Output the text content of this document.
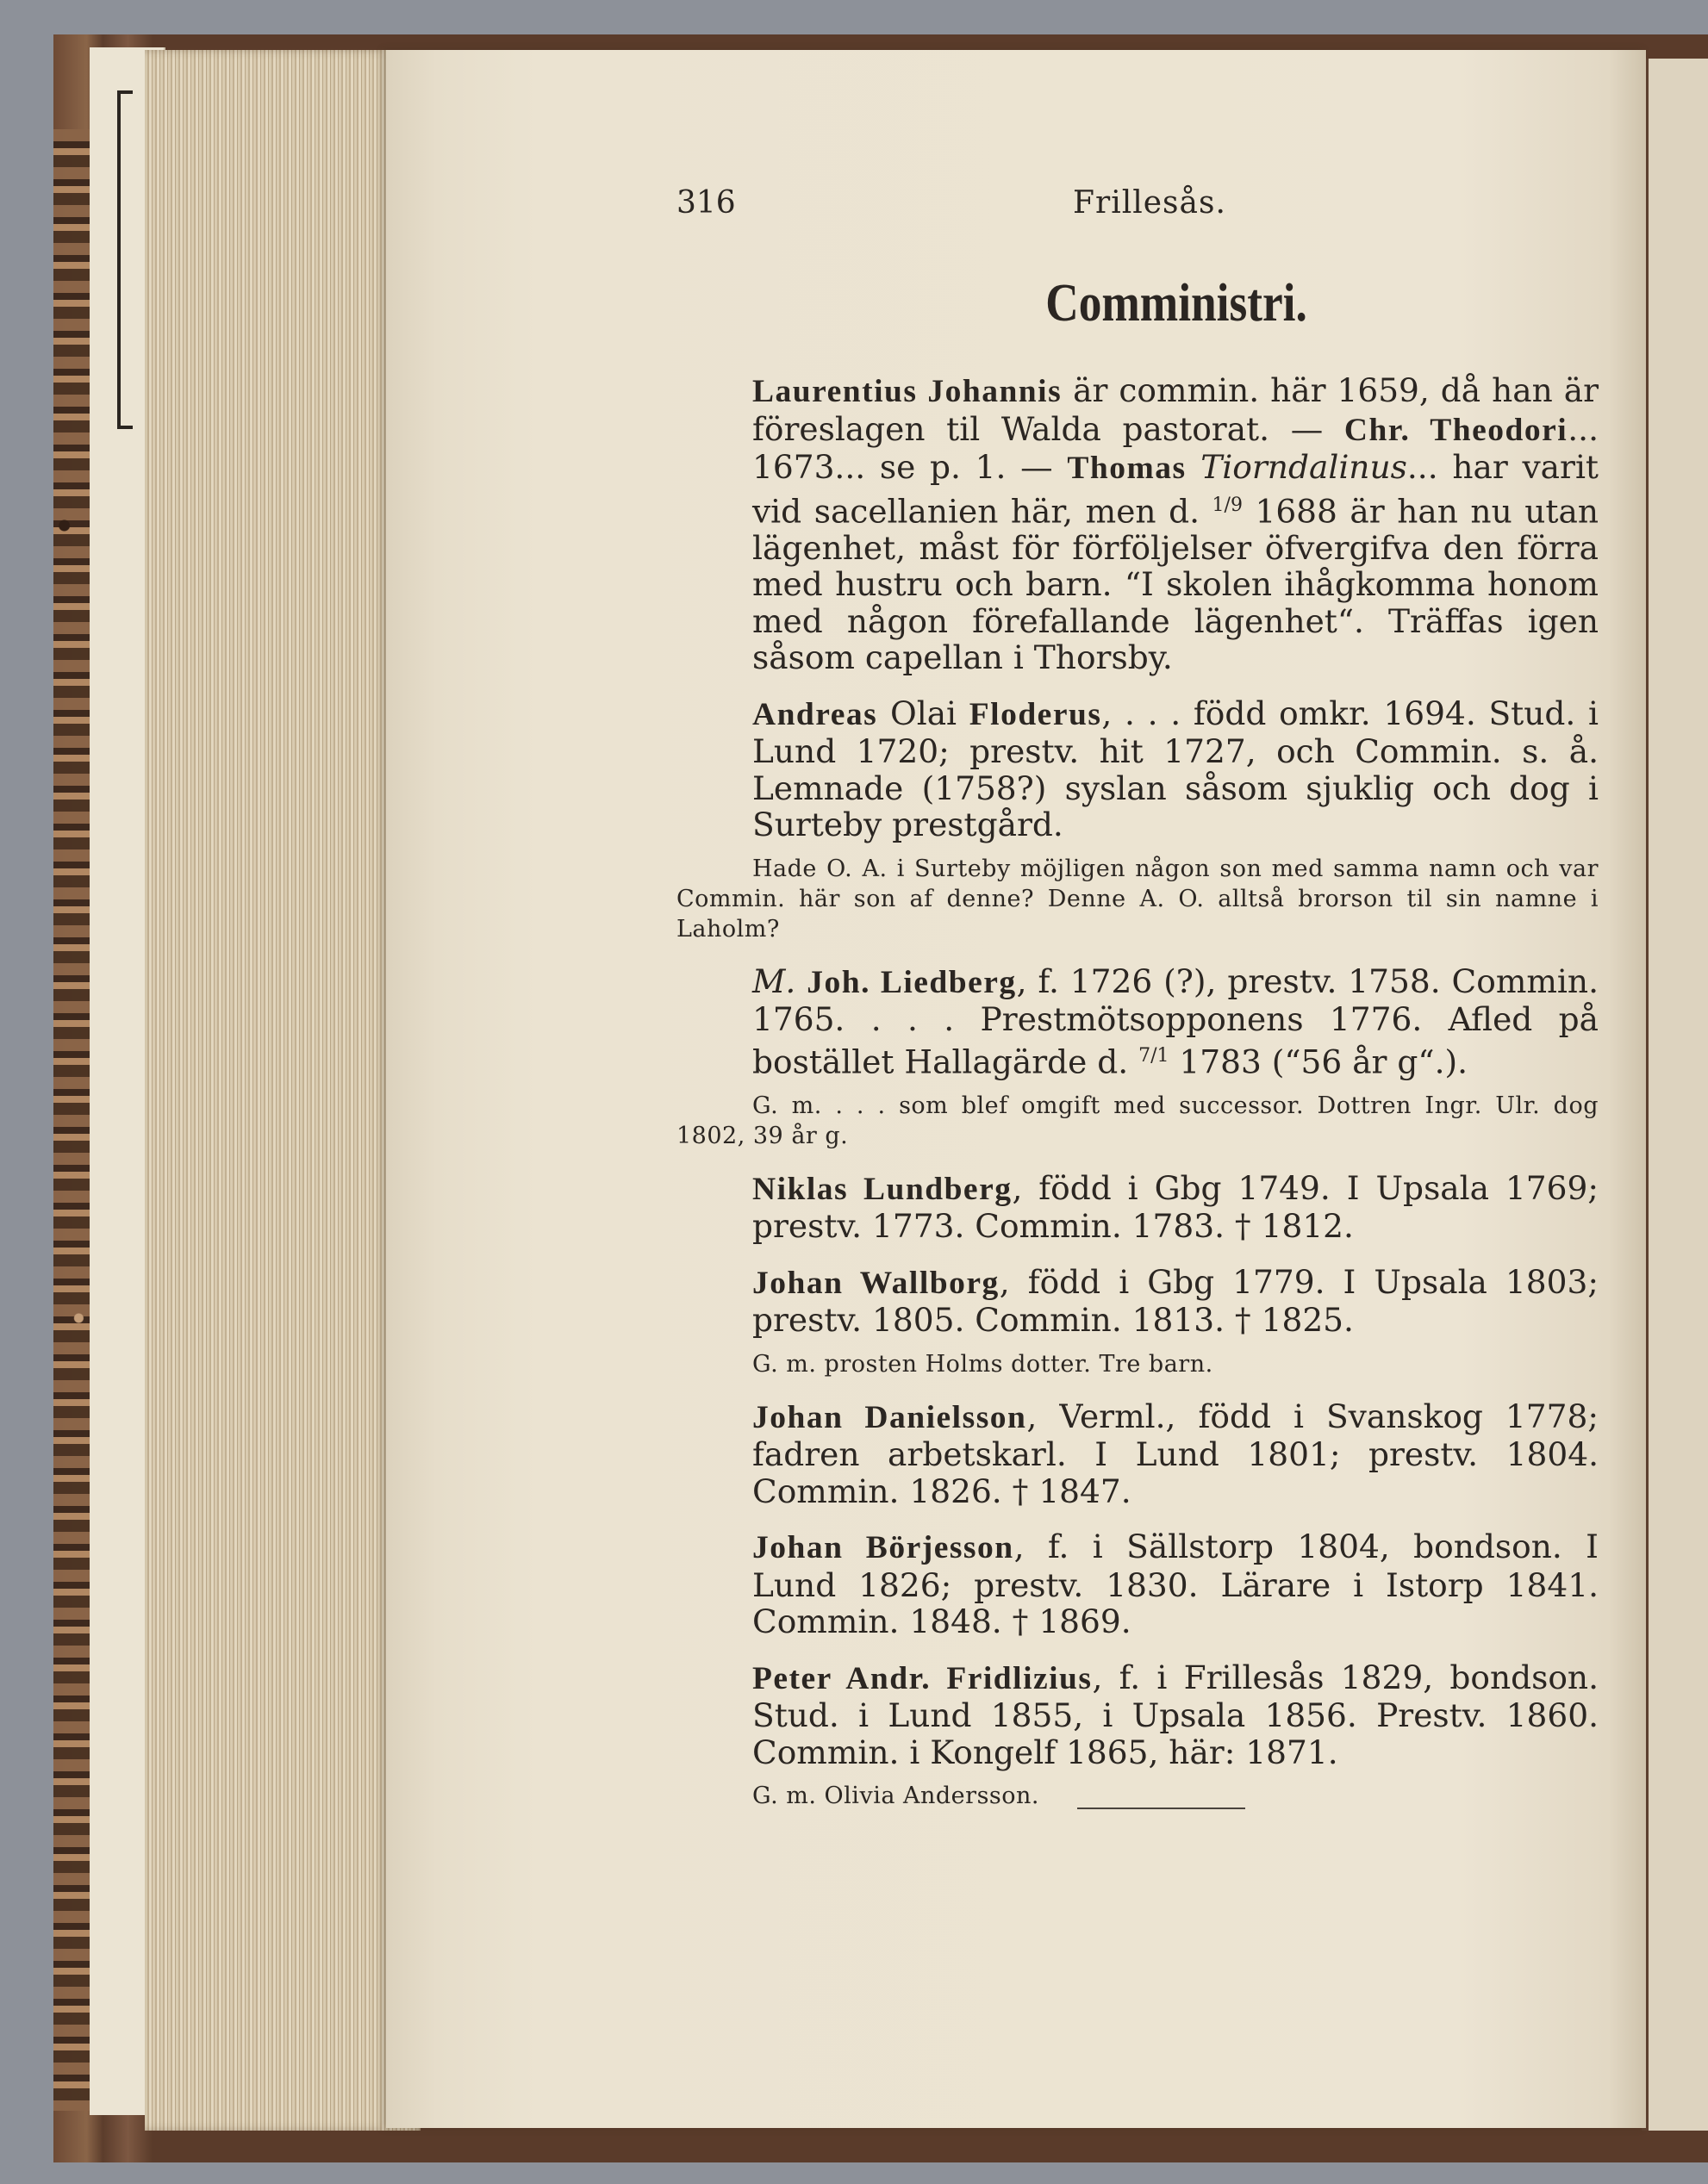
316	Frillesås.
Comministri.

Laurentius Johannis är commin. här 1659, då han är föreslagen til Walda pastorat. — Chr. Theodori... 1673... se p. 1. — Thomas Tiorndalinus... har varit vid sacellanien här, men d. $^{1/9}$ 1688 är han nu utan lägenhet, måst för förföljelser öfvergifva den förra med hustru och barn. “I skolen ihågkomma honom med någon förefallande lägenhet“. Träffas igen såsom capellan i Thorsby.

Andreas Olai Floderus, . . . född omkr. 1694. Stud. i Lund 1720; prestv. hit 1727, och Commin. s. å. Lemnade (1758?) syslan såsom sjuklig och dog i Surteby prestgård.

Hade O. A. i Surteby möjligen någon son med samma namn och var Commin. här son af denne? Denne A. O. alltså brorson til sin namne i Laholm?

M. Joh. Liedberg, f. 1726 (?), prestv. 1758. Commin. 1765. . . . Prestmötsopponens 1776. Afled på bostället Hallagärde d. $^{7/1}$ 1783 (“56 år g“.).

G. m. . . . som blef omgift med successor. Dottren Ingr. Ulr. dog 1802, 39 år g.

Niklas Lundberg, född i Gbg 1749. I Upsala 1769; prestv. 1773. Commin. 1783. † 1812.

Johan Wallborg, född i Gbg 1779. I Upsala 1803; prestv. 1805. Commin. 1813. † 1825.

G. m. prosten Holms dotter. Tre barn.

Johan Danielsson, Verml., född i Svanskog 1778; fadren arbetskarl. I Lund 1801; prestv. 1804. Commin. 1826. † 1847.

Johan Börjesson, f. i Sällstorp 1804, bondson. I Lund 1826; prestv. 1830. Lärare i Istorp 1841. Commin. 1848. † 1869.

Peter Andr. Fridlizius, f. i Frillesås 1829, bondson. Stud. i Lund 1855, i Upsala 1856. Prestv. 1860. Commin. i Kongelf 1865, här: 1871.

G. m. Olivia Andersson.
